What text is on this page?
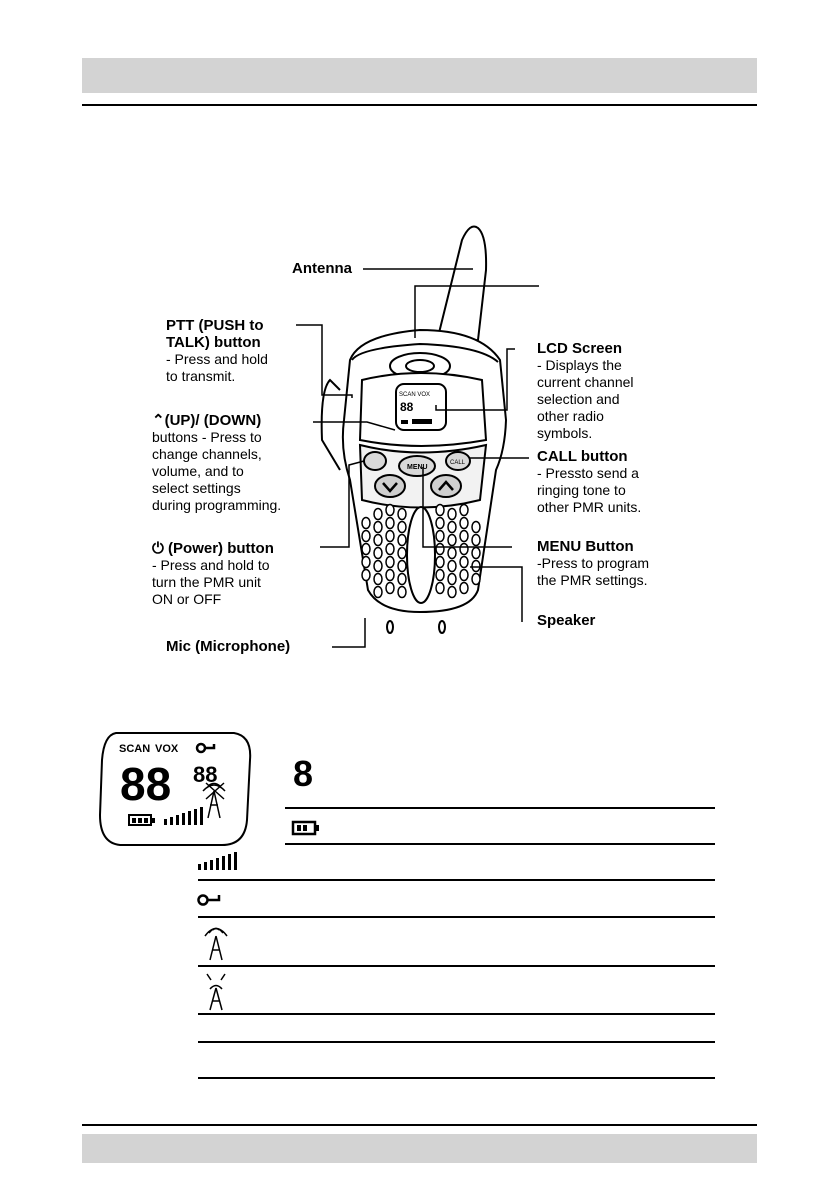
SCAN VOX
88
MENU
CALL
SCAN VOX
88 88 8
Antenna
PTT (PUSH to
TALK) button
- Press and hold
to transmit.
⌃(UP)/ (DOWN)
buttons - Press to
change channels,
volume, and to
select settings
during programming.
⏻ (Power) button
- Press and hold to
turn the PMR unit
ON or OFF
Mic (Microphone)
LCD Screen
- Displays the
current channel
selection and
other radio
symbols.
CALL button
- Pressto send a
ringing tone to
other PMR units.
MENU Button
-Press to program
the PMR settings.
Speaker
